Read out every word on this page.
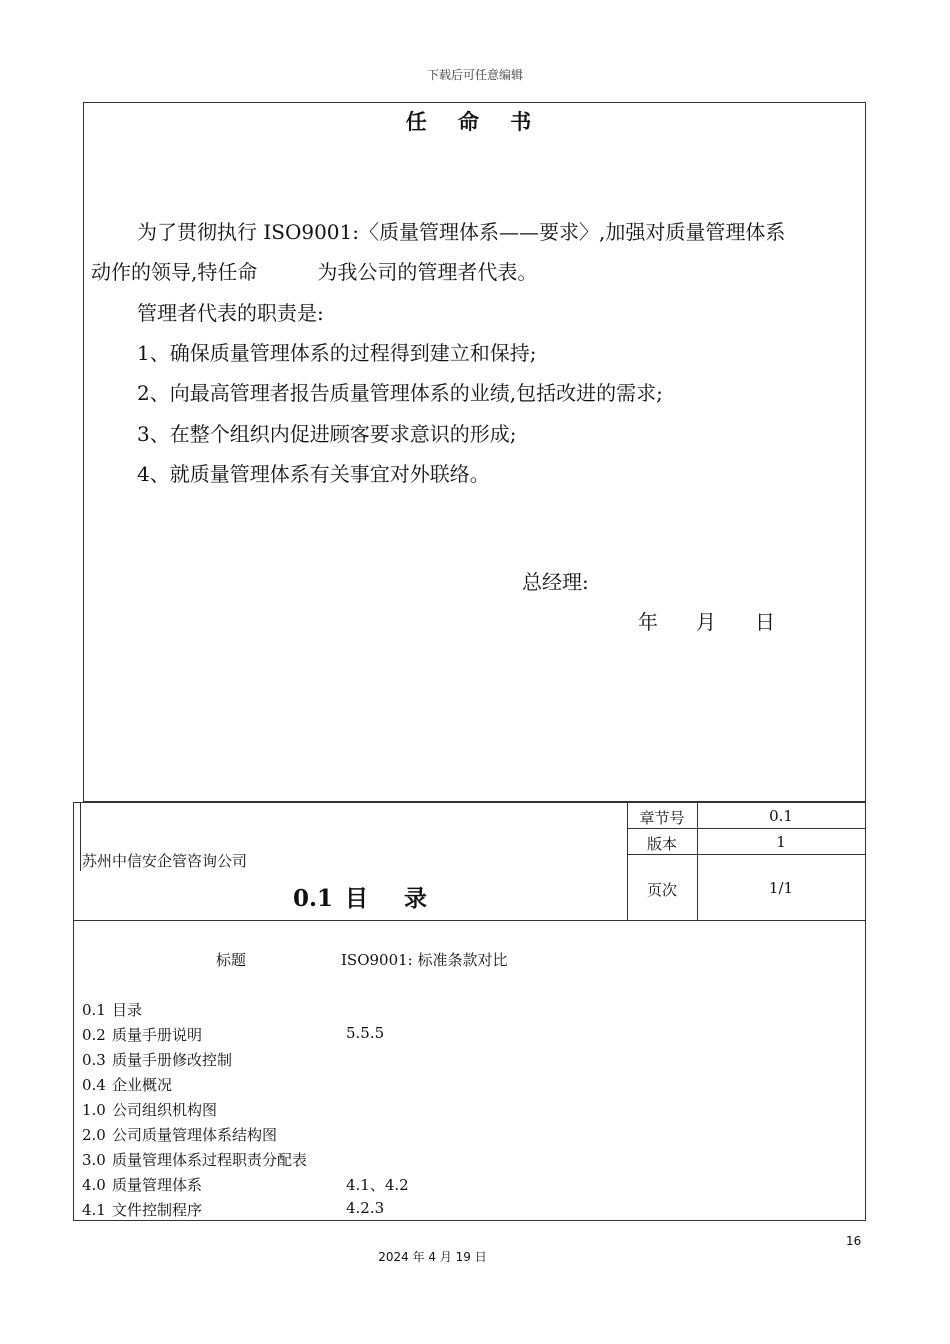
下载后可任意编辑
任 命 书
为了贯彻执行 ISO9001:〈质量管理体系——要求〉,加强对质量管理体系
动作的领导,特任命　　　为我公司的管理者代表。
管理者代表的职责是:
1、确保质量管理体系的过程得到建立和保持;
2、向最高管理者报告质量管理体系的业绩,包括改进的需求;
3、在整个组织内促进顾客要求意识的形成;
4、就质量管理体系有关事宜对外联络。
总经理:
年 月 日
章节号	0.1
版本	1
页次	1/1
苏州中信安企管咨询公司
0.1 目 录
标题	ISO9001: 标准条款对比
0.1 目录
0.2 质量手册说明	5.5.5
0.3 质量手册修改控制
0.4 企业概况
1.0 公司组织机构图
2.0 公司质量管理体系结构图
3.0 质量管理体系过程职责分配表
4.0 质量管理体系	4.1、4.2
4.1 文件控制程序	4.2.3
16
2024 年 4 月 19 日
